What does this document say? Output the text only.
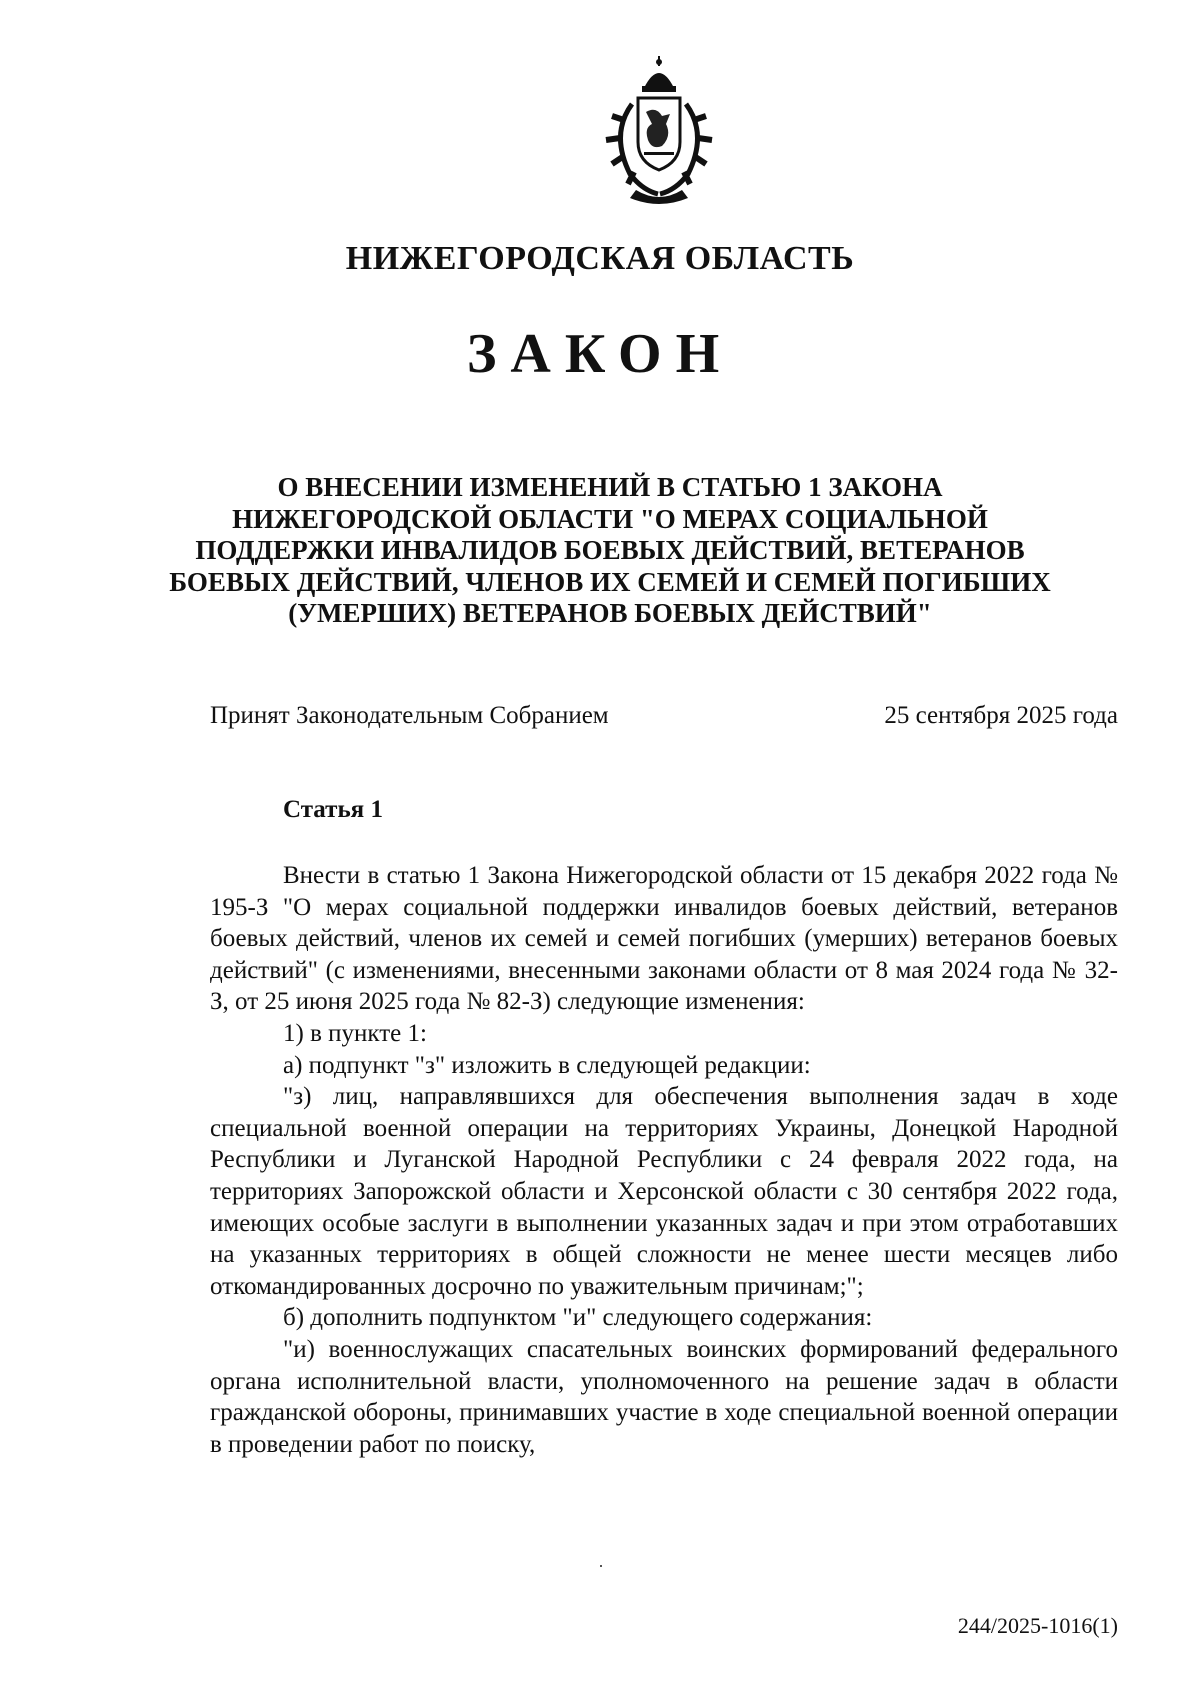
НИЖЕГОРОДСКАЯ ОБЛАСТЬ
ЗАКОН
О ВНЕСЕНИИ ИЗМЕНЕНИЙ В СТАТЬЮ 1 ЗАКОНА НИЖЕГОРОДСКОЙ ОБЛАСТИ "О МЕРАХ СОЦИАЛЬНОЙ ПОДДЕРЖКИ ИНВАЛИДОВ БОЕВЫХ ДЕЙСТВИЙ, ВЕТЕРАНОВ БОЕВЫХ ДЕЙСТВИЙ, ЧЛЕНОВ ИХ СЕМЕЙ И СЕМЕЙ ПОГИБШИХ (УМЕРШИХ) ВЕТЕРАНОВ БОЕВЫХ ДЕЙСТВИЙ"
Принят Законодательным Собранием	25 сентября 2025 года
Статья 1

Внести в статью 1 Закона Нижегородской области от 15 декабря 2022 года № 195-З "О мерах социальной поддержки инвалидов боевых действий, ветеранов боевых действий, членов их семей и семей погибших (умерших) ветеранов боевых действий" (с изменениями, внесенными законами области от 8 мая 2024 года № 32-З, от 25 июня 2025 года № 82-З) следующие изменения:

1) в пункте 1:

а) подпункт "з" изложить в следующей редакции:

"з) лиц, направлявшихся для обеспечения выполнения задач в ходе специальной военной операции на территориях Украины, Донецкой Народной Республики и Луганской Народной Республики с 24 февраля 2022 года, на территориях Запорожской области и Херсонской области с 30 сентября 2022 года, имеющих особые заслуги в выполнении указанных задач и при этом отработавших на указанных территориях в общей сложности не менее шести месяцев либо откомандированных досрочно по уважительным причинам;";

б) дополнить подпунктом "и" следующего содержания:

"и) военнослужащих спасательных воинских формирований федерального органа исполнительной власти, уполномоченного на решение задач в области гражданской обороны, принимавших участие в ходе специальной военной операции в проведении работ по поиску,

244/2025-1016(1)
